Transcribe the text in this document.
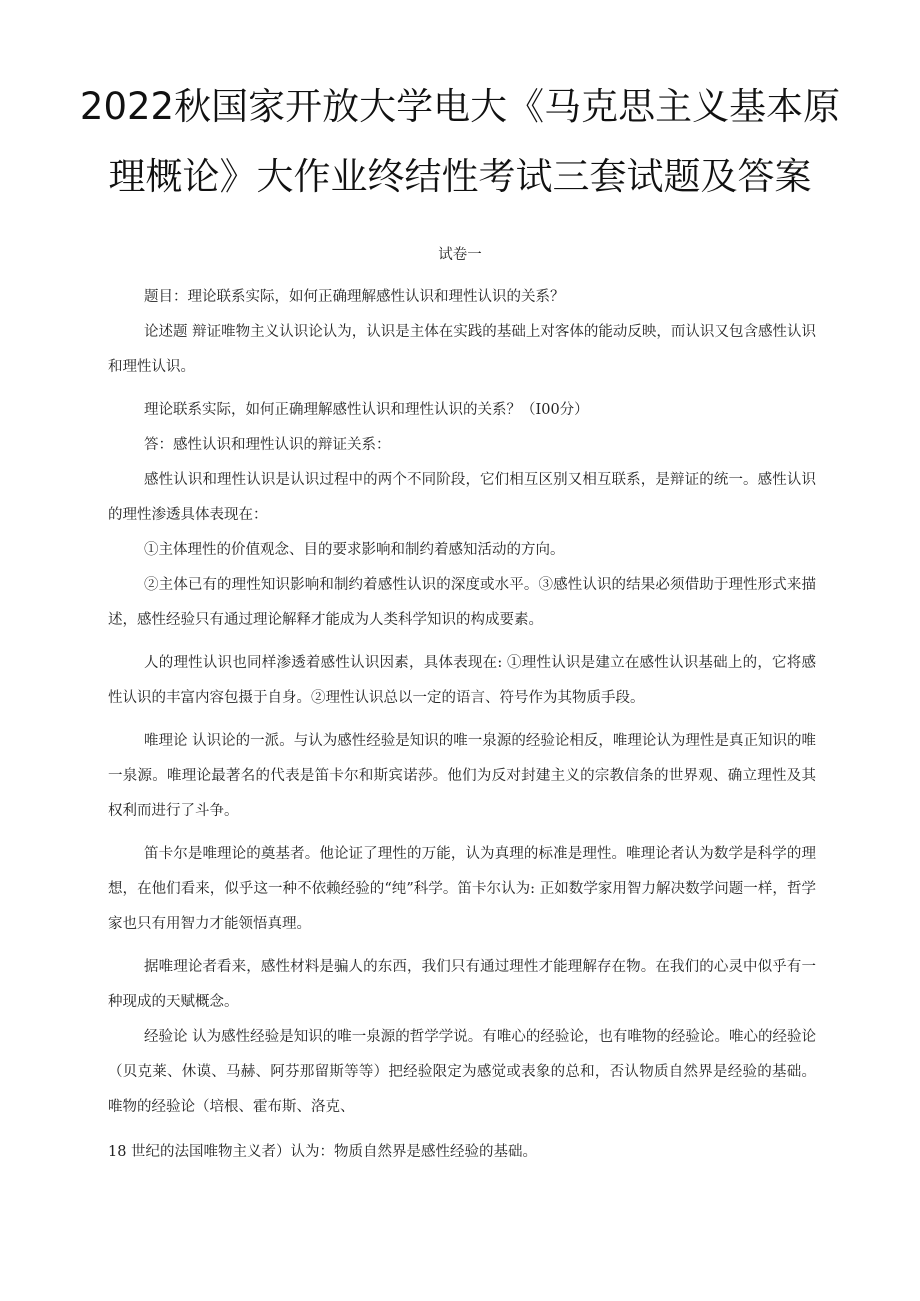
2022秋国家开放大学电大《马克思主义基本原
理概论》大作业终结性考试三套试题及答案
试卷一

题目：理论联系实际，如何正确理解感性认识和理性认识的关系？

论述题 辩证唯物主义认识论认为，认识是主体在实践的基础上对客体的能动反映，而认识又包含感性认识和理性认识。

理论联系实际，如何正确理解感性认识和理性认识的关系？（I00分）

答：感性认识和理性认识的辩证关系：

感性认识和理性认识是认识过程中的两个不同阶段，它们相互区别又相互联系，是辩证的统一。感性认识的理性渗透具体表现在：

①主体理性的价值观念、目的要求影响和制约着感知活动的方向。

②主体已有的理性知识影响和制约着感性认识的深度或水平。③感性认识的结果必须借助于理性形式来描述，感性经验只有通过理论解释才能成为人类科学知识的构成要素。

人的理性认识也同样渗透着感性认识因素，具体表现在: ①理性认识是建立在感性认识基础上的，它将感性认识的丰富内容包摄于自身。②理性认识总以一定的语言、符号作为其物质手段。

唯理论 认识论的一派。与认为感性经验是知识的唯一泉源的经验论相反，唯理论认为理性是真正知识的唯一泉源。唯理论最著名的代表是笛卡尔和斯宾诺莎。他们为反对封建主义的宗教信条的世界观、确立理性及其权利而进行了斗争。

笛卡尔是唯理论的奠基者。他论证了理性的万能，认为真理的标准是理性。唯理论者认为数学是科学的理想，在他们看来，似乎这一种不依赖经验的“纯”科学。笛卡尔认为: 正如数学家用智力解决数学问题一样，哲学家也只有用智力才能领悟真理。

据唯理论者看来，感性材料是骗人的东西，我们只有通过理性才能理解存在物。在我们的心灵中似乎有一种现成的天赋概念。

经验论 认为感性经验是知识的唯一泉源的哲学学说。有唯心的经验论，也有唯物的经验论。唯心的经验论（贝克莱、休谟、马赫、阿芬那留斯等等）把经验限定为感觉或表象的总和，否认物质自然界是经验的基础。唯物的经验论（培根、霍布斯、洛克、

18 世纪的法国唯物主义者）认为：物质自然界是感性经验的基础。
